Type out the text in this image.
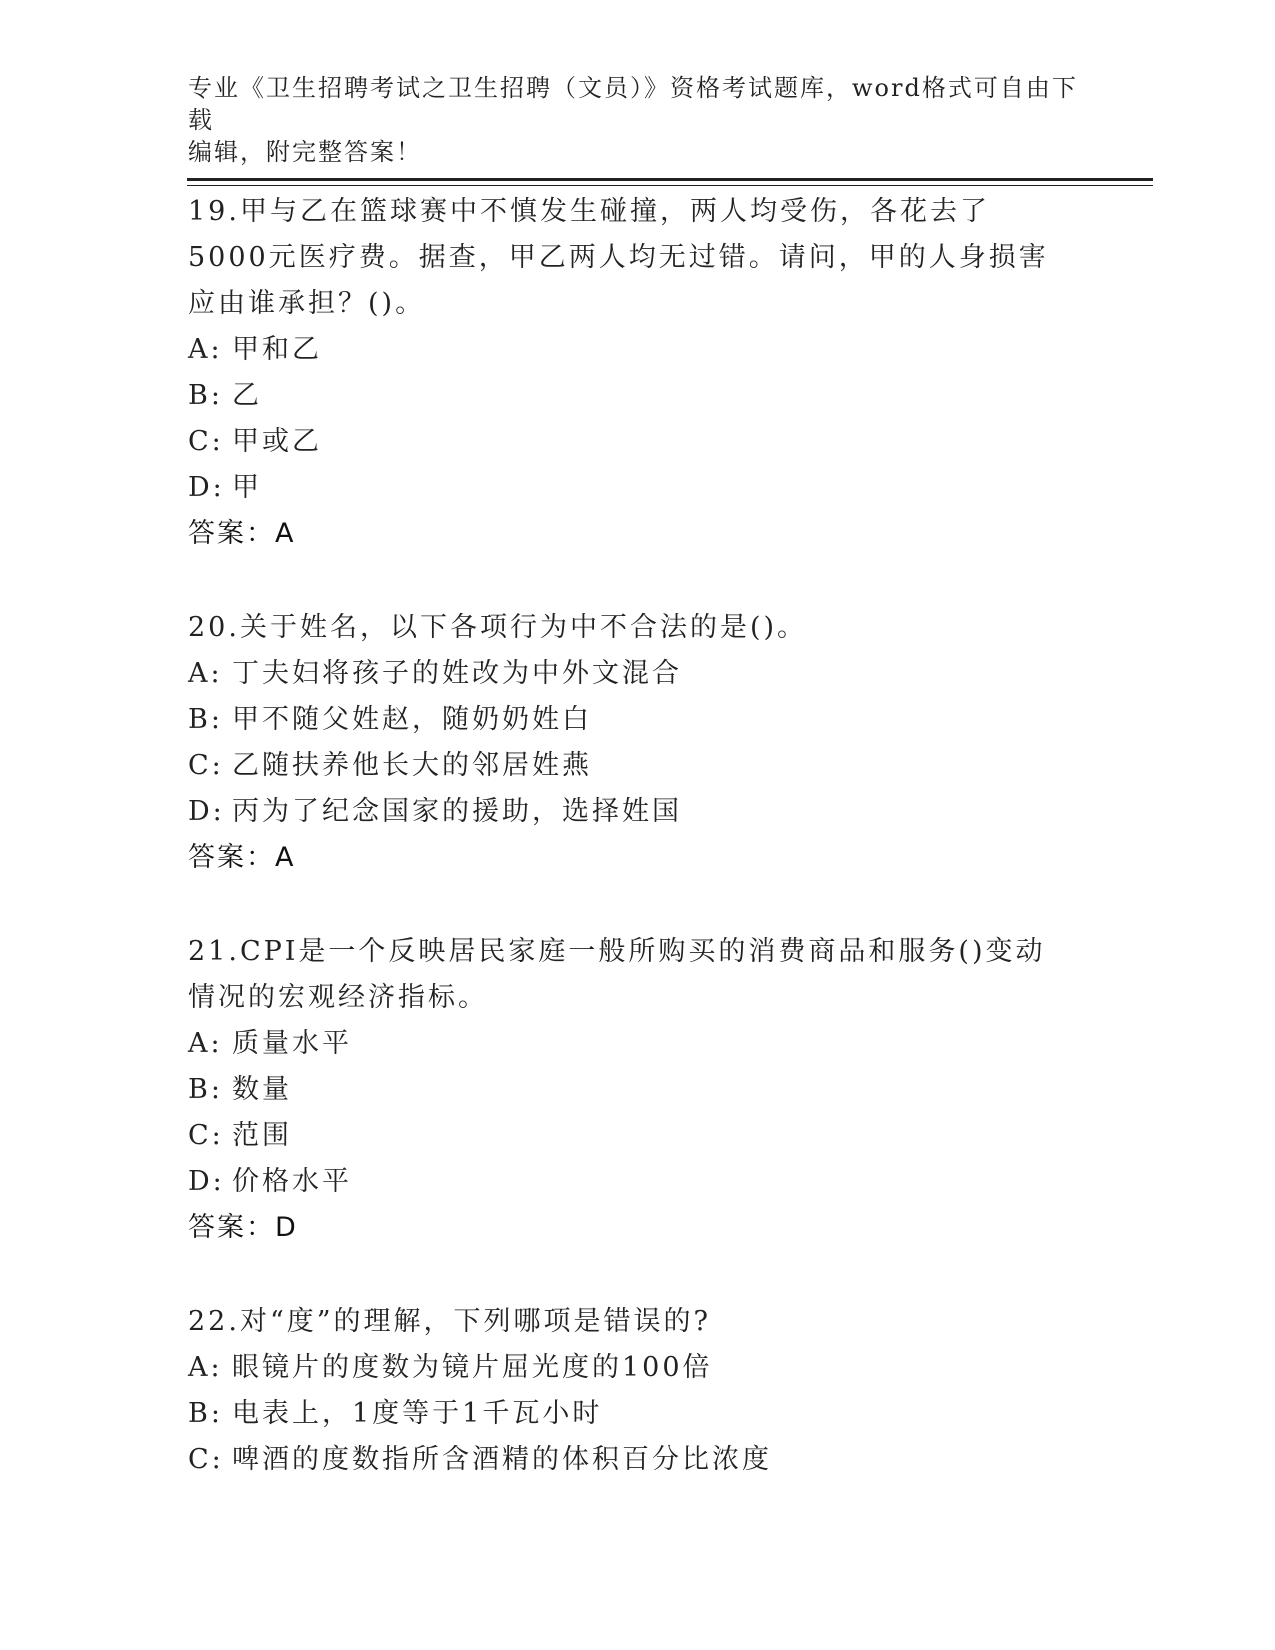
专业《卫生招聘考试之卫生招聘（文员）》资格考试题库，word格式可自由下载

编辑，附完整答案！

19.甲与乙在篮球赛中不慎发生碰撞，两人均受伤，各花去了5000元医疗费。据查，甲乙两人均无过错。请问，甲的人身损害应由谁承担？()。

A: 甲和乙

B: 乙

C: 甲或乙

D: 甲

答案：A

20.关于姓名，以下各项行为中不合法的是()。

A: 丁夫妇将孩子的姓改为中外文混合

B: 甲不随父姓赵，随奶奶姓白

C: 乙随扶养他长大的邻居姓燕

D: 丙为了纪念国家的援助，选择姓国

答案：A

21.CPI是一个反映居民家庭一般所购买的消费商品和服务()变动情况的宏观经济指标。

A: 质量水平

B: 数量

C: 范围

D: 价格水平

答案：D

22.对“度”的理解，下列哪项是错误的?

A: 眼镜片的度数为镜片屈光度的100倍

B: 电表上，1度等于1千瓦小时

C: 啤酒的度数指所含酒精的体积百分比浓度
